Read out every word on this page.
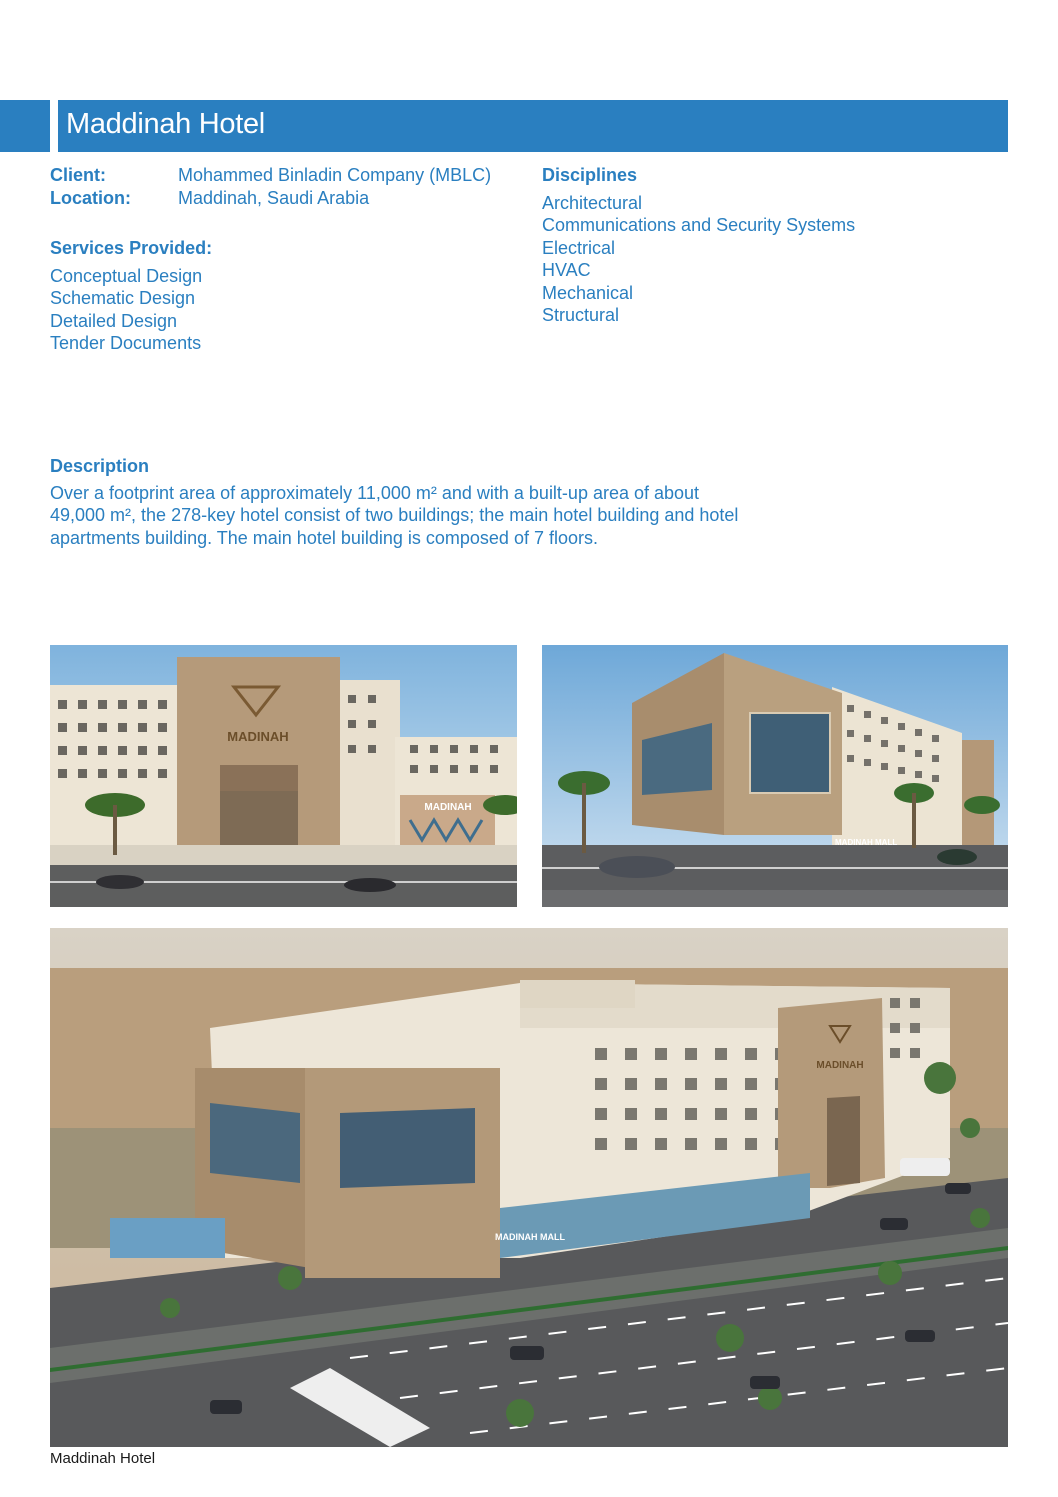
Maddinah Hotel
Client:	Mohammed Binladin Company (MBLC)
Location:	Maddinah, Saudi Arabia
Services Provided:
Conceptual Design
Schematic Design
Detailed Design
Tender Documents
Disciplines
Architectural
Communications and Security Systems
Electrical
HVAC
Mechanical
Structural
Description
Over a footprint area of approximately 11,000 m² and with a built-up area of about
49,000 m², the 278-key hotel consist of two buildings; the main hotel building and hotel
apartments building. The main hotel building is composed of 7 floors.
MADINAH
MADINAH
MADINAH MALL
MADINAH
MADINAH MALL
Maddinah Hotel
